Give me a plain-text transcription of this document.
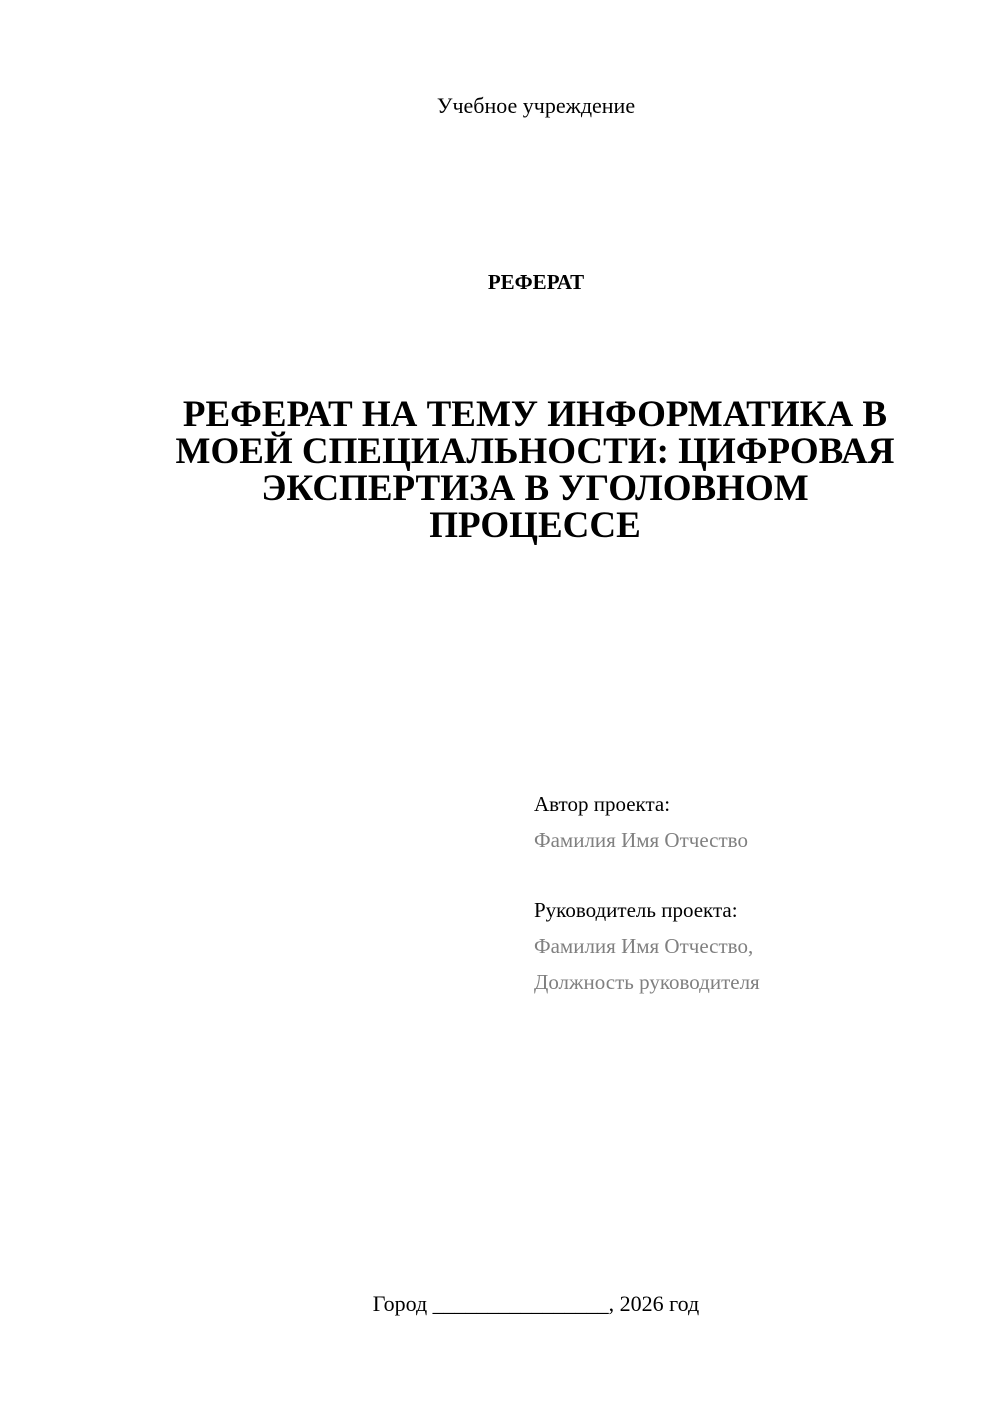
Учебное учреждение
РЕФЕРАТ
РЕФЕРАТ НА ТЕМУ ИНФОРМАТИКА В
МОЕЙ СПЕЦИАЛЬНОСТИ: ЦИФРОВАЯ
ЭКСПЕРТИЗА В УГОЛОВНОМ
ПРОЦЕССЕ
Автор проекта:
Фамилия Имя Отчество
Руководитель проекта:
Фамилия Имя Отчество,
Должность руководителя
Город ________________, 2026 год
